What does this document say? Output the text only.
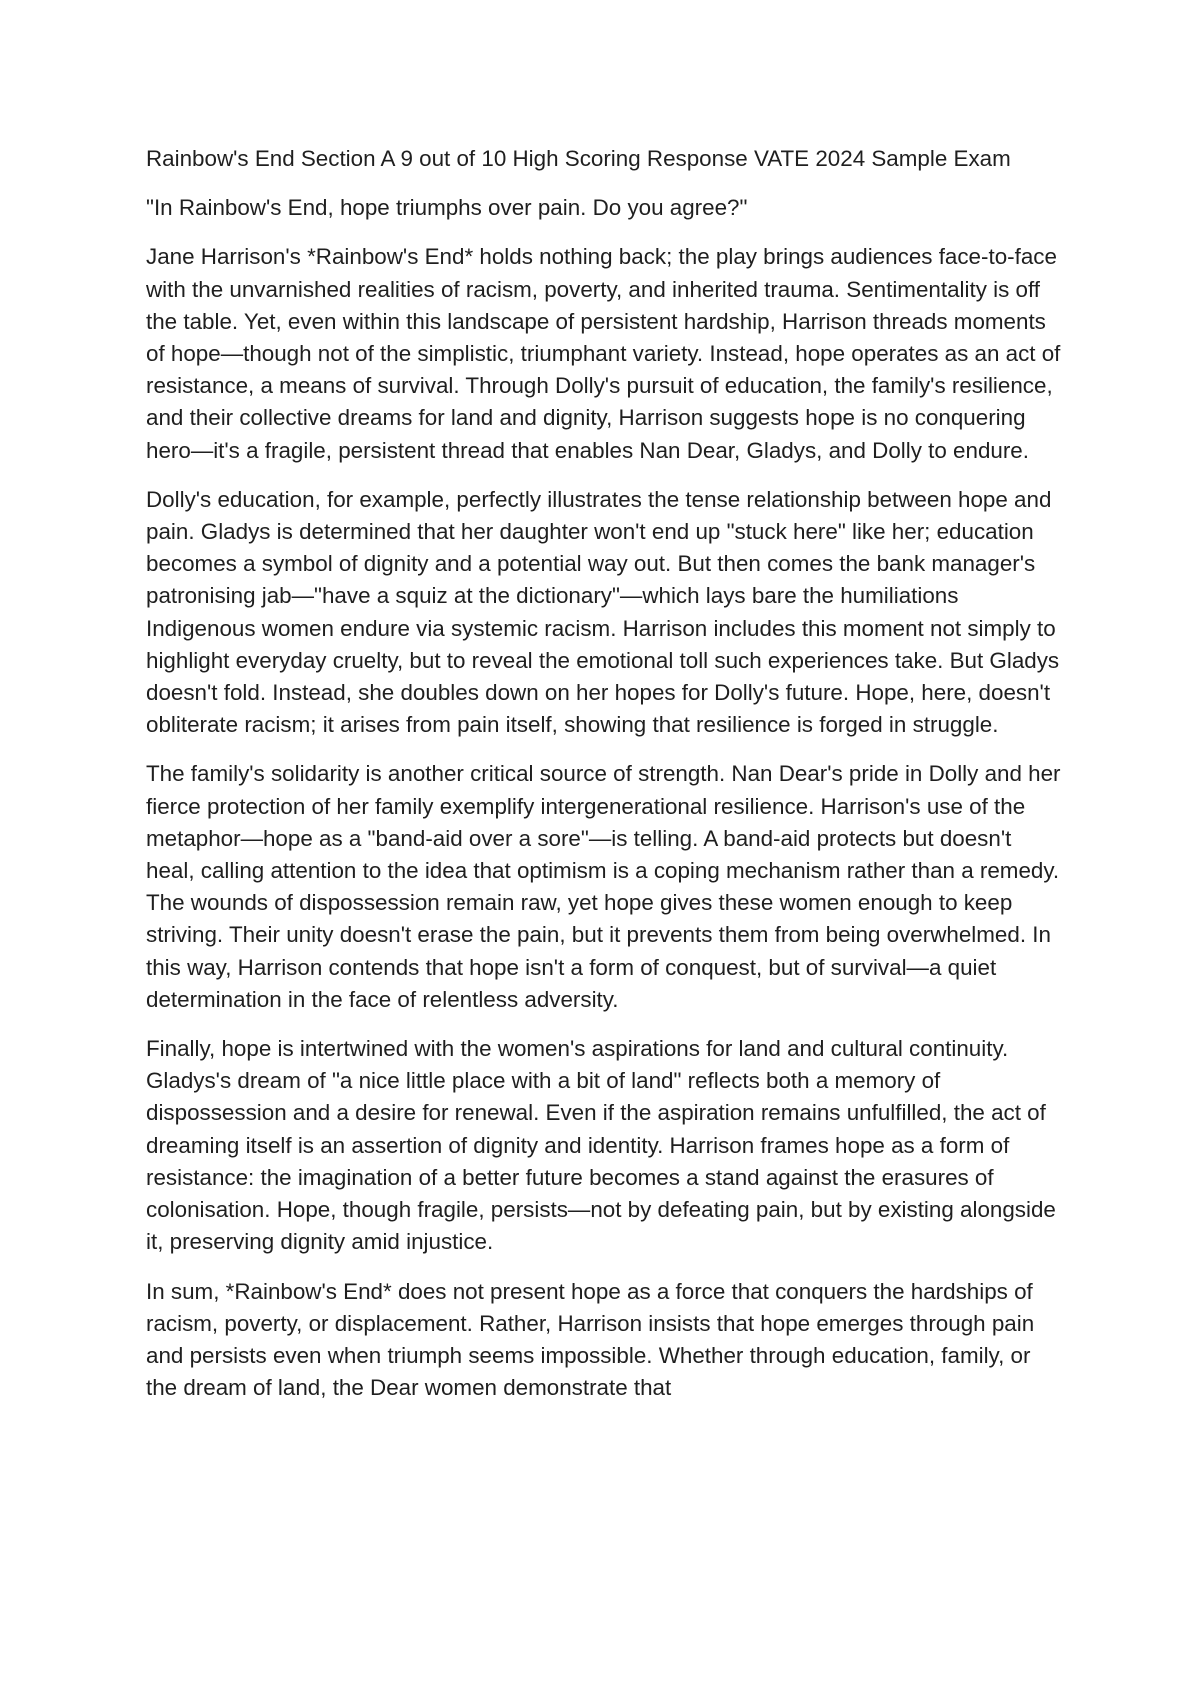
Rainbow's End Section A 9 out of 10 High Scoring Response VATE 2024 Sample Exam

"In Rainbow's End, hope triumphs over pain. Do you agree?"

Jane Harrison's *Rainbow's End* holds nothing back; the play brings audiences face-to-face with the unvarnished realities of racism, poverty, and inherited trauma. Sentimentality is off the table. Yet, even within this landscape of persistent hardship, Harrison threads moments of hope—though not of the simplistic, triumphant variety. Instead, hope operates as an act of resistance, a means of survival. Through Dolly's pursuit of education, the family's resilience, and their collective dreams for land and dignity, Harrison suggests hope is no conquering hero—it's a fragile, persistent thread that enables Nan Dear, Gladys, and Dolly to endure.

Dolly's education, for example, perfectly illustrates the tense relationship between hope and pain. Gladys is determined that her daughter won't end up "stuck here" like her; education becomes a symbol of dignity and a potential way out. But then comes the bank manager's patronising jab—"have a squiz at the dictionary"—which lays bare the humiliations Indigenous women endure via systemic racism. Harrison includes this moment not simply to highlight everyday cruelty, but to reveal the emotional toll such experiences take. But Gladys doesn't fold. Instead, she doubles down on her hopes for Dolly's future. Hope, here, doesn't obliterate racism; it arises from pain itself, showing that resilience is forged in struggle.

The family's solidarity is another critical source of strength. Nan Dear's pride in Dolly and her fierce protection of her family exemplify intergenerational resilience. Harrison's use of the metaphor—hope as a "band-aid over a sore"—is telling. A band-aid protects but doesn't heal, calling attention to the idea that optimism is a coping mechanism rather than a remedy. The wounds of dispossession remain raw, yet hope gives these women enough to keep striving. Their unity doesn't erase the pain, but it prevents them from being overwhelmed. In this way, Harrison contends that hope isn't a form of conquest, but of survival—a quiet determination in the face of relentless adversity.

Finally, hope is intertwined with the women's aspirations for land and cultural continuity. Gladys's dream of "a nice little place with a bit of land" reflects both a memory of dispossession and a desire for renewal. Even if the aspiration remains unfulfilled, the act of dreaming itself is an assertion of dignity and identity. Harrison frames hope as a form of resistance: the imagination of a better future becomes a stand against the erasures of colonisation. Hope, though fragile, persists—not by defeating pain, but by existing alongside it, preserving dignity amid injustice.

In sum, *Rainbow's End* does not present hope as a force that conquers the hardships of racism, poverty, or displacement. Rather, Harrison insists that hope emerges through pain and persists even when triumph seems impossible. Whether through education, family, or the dream of land, the Dear women demonstrate that
